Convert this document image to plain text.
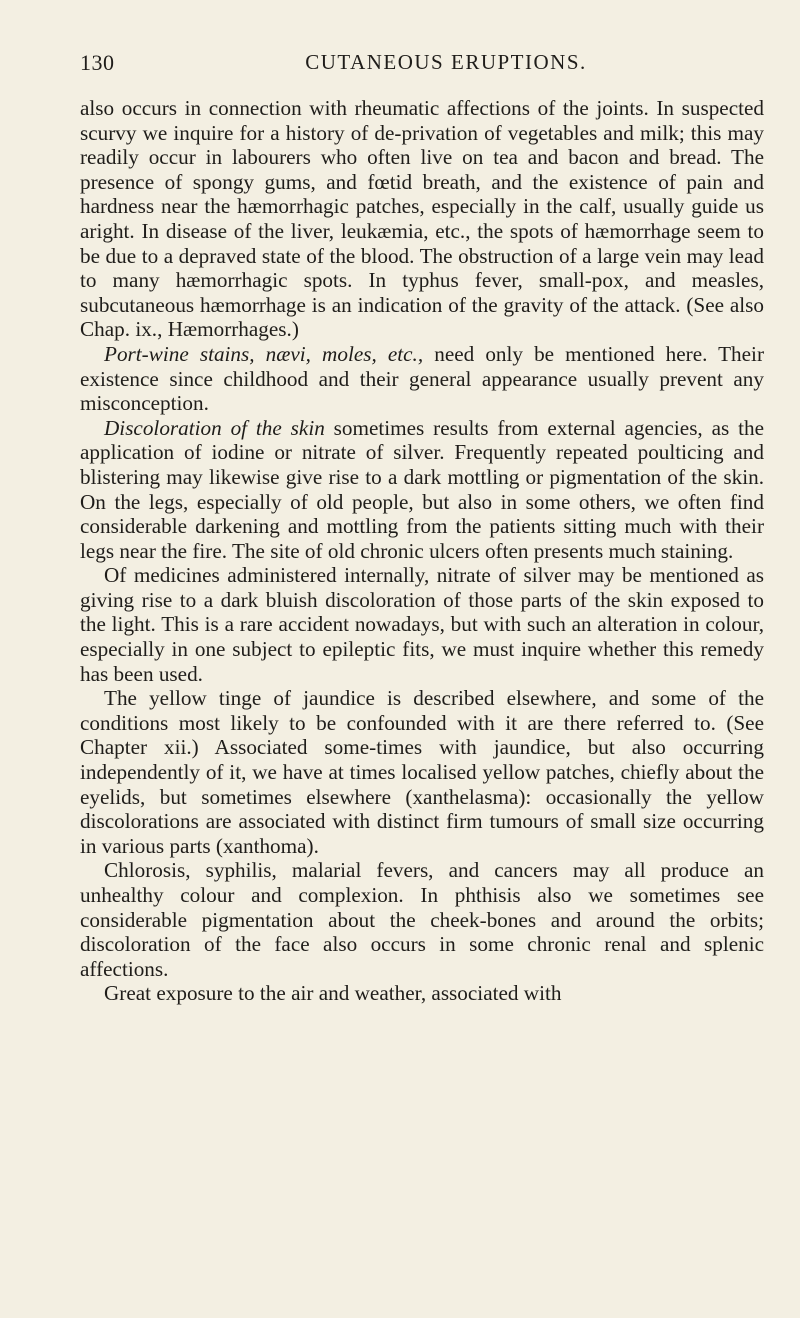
130	CUTANEOUS ERUPTIONS.

also occurs in connection with rheumatic affections of the joints. In suspected scurvy we inquire for a history of de-privation of vegetables and milk; this may readily occur in labourers who often live on tea and bacon and bread. The presence of spongy gums, and fœtid breath, and the existence of pain and hardness near the hæmorrhagic patches, especially in the calf, usually guide us aright. In disease of the liver, leukæmia, etc., the spots of hæmorrhage seem to be due to a depraved state of the blood. The obstruction of a large vein may lead to many hæmorrhagic spots. In typhus fever, small-pox, and measles, subcutaneous hæmorrhage is an indication of the gravity of the attack. (See also Chap. ix., Hæmorrhages.)

Port-wine stains, nævi, moles, etc., need only be mentioned here. Their existence since childhood and their general appearance usually prevent any misconception.

Discoloration of the skin sometimes results from external agencies, as the application of iodine or nitrate of silver. Frequently repeated poulticing and blistering may likewise give rise to a dark mottling or pigmentation of the skin. On the legs, especially of old people, but also in some others, we often find considerable darkening and mottling from the patients sitting much with their legs near the fire. The site of old chronic ulcers often presents much staining.

Of medicines administered internally, nitrate of silver may be mentioned as giving rise to a dark bluish discoloration of those parts of the skin exposed to the light. This is a rare accident nowadays, but with such an alteration in colour, especially in one subject to epileptic fits, we must inquire whether this remedy has been used.

The yellow tinge of jaundice is described elsewhere, and some of the conditions most likely to be confounded with it are there referred to. (See Chapter xii.) Associated some-times with jaundice, but also occurring independently of it, we have at times localised yellow patches, chiefly about the eyelids, but sometimes elsewhere (xanthelasma): occasionally the yellow discolorations are associated with distinct firm tumours of small size occurring in various parts (xanthoma).

Chlorosis, syphilis, malarial fevers, and cancers may all produce an unhealthy colour and complexion. In phthisis also we sometimes see considerable pigmentation about the cheek-bones and around the orbits; discoloration of the face also occurs in some chronic renal and splenic affections.

Great exposure to the air and weather, associated with
